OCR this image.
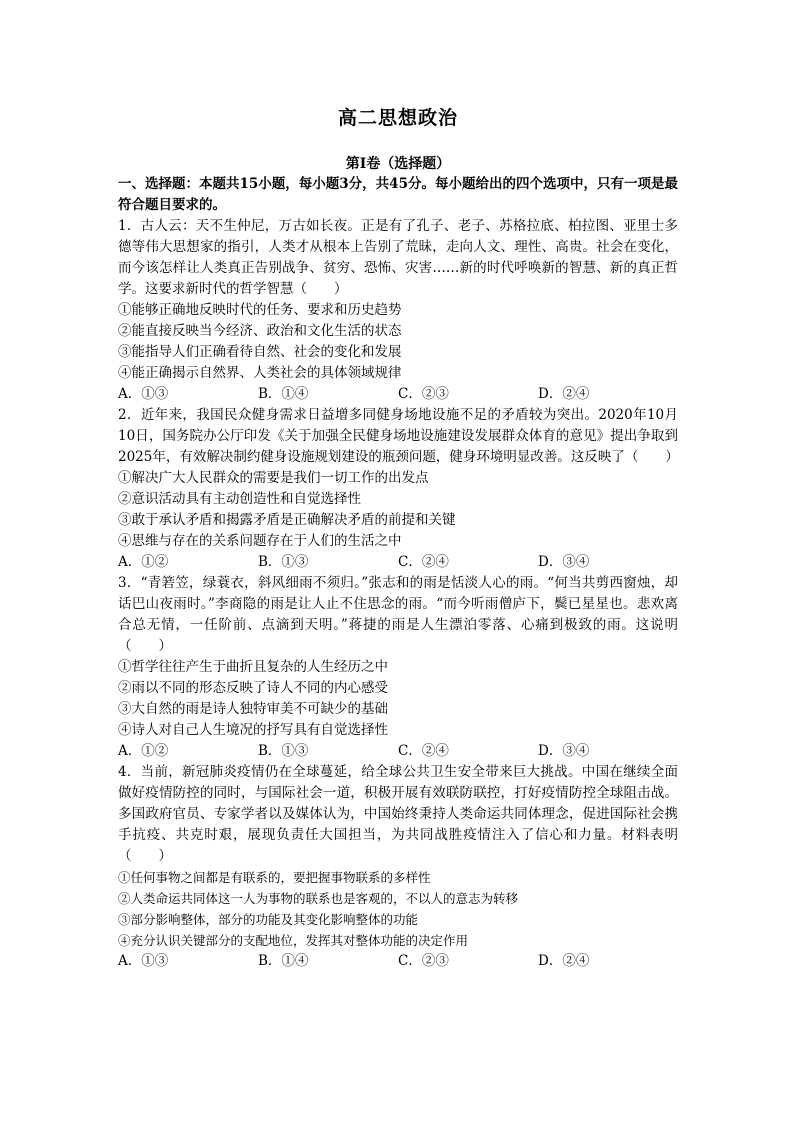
高二思想政治

第Ⅰ卷（选择题）

一、选择题：本题共15小题，每小题3分，共45分。每小题给出的四个选项中，只有一项是最符合题目要求的。

1．古人云：天不生仲尼，万古如长夜。正是有了孔子、老子、苏格拉底、柏拉图、亚里士多德等伟大思想家的指引，人类才从根本上告别了荒昧，走向人文、理性、高贵。社会在变化，而今该怎样让人类真正告别战争、贫穷、恐怖、灾害……新的时代呼唤新的智慧、新的真正哲学。这要求新时代的哲学智慧（　　）

①能够正确地反映时代的任务、要求和历史趋势

②能直接反映当今经济、政治和文化生活的状态

③能指导人们正确看待自然、社会的变化和发展

④能正确揭示自然界、人类社会的具体领域规律

A．①③	B．①④	C．②③	D．②④

2．近年来，我国民众健身需求日益增多同健身场地设施不足的矛盾较为突出。2020年10月10日，国务院办公厅印发《关于加强全民健身场地设施建设发展群众体育的意见》提出争取到2025年，有效解决制约健身设施规划建设的瓶颈问题，健身环境明显改善。这反映了（　　）

①解决广大人民群众的需要是我们一切工作的出发点

②意识活动具有主动创造性和自觉选择性

③敢于承认矛盾和揭露矛盾是正确解决矛盾的前提和关键

④思维与存在的关系问题存在于人们的生活之中

A．①②	B．①③	C．②④	D．③④

3．“青箬笠，绿蓑衣，斜风细雨不须归。”张志和的雨是恬淡人心的雨。“何当共剪西窗烛，却话巴山夜雨时。”李商隐的雨是让人止不住思念的雨。“而今听雨僧庐下，鬓已星星也。悲欢离合总无情，一任阶前、点滴到天明。”蒋捷的雨是人生漂泊零落、心痛到极致的雨。这说明（　　）

①哲学往往产生于曲折且复杂的人生经历之中

②雨以不同的形态反映了诗人不同的内心感受

③大自然的雨是诗人独特审美不可缺少的基础

④诗人对自己人生境况的抒写具有自觉选择性

A．①②	B．①③	C．②④	D．③④

4．当前，新冠肺炎疫情仍在全球蔓延，给全球公共卫生安全带来巨大挑战。中国在继续全面做好疫情防控的同时，与国际社会一道，积极开展有效联防联控，打好疫情防控全球阻击战。多国政府官员、专家学者以及媒体认为，中国始终秉持人类命运共同体理念，促进国际社会携手抗疫、共克时艰，展现负责任大国担当，为共同战胜疫情注入了信心和力量。材料表明（　　）

①任何事物之间都是有联系的，要把握事物联系的多样性

②人类命运共同体这一人为事物的联系也是客观的，不以人的意志为转移

③部分影响整体，部分的功能及其变化影响整体的功能

④充分认识关键部分的支配地位，发挥其对整体功能的决定作用

A．①③	B．①④	C．②③	D．②④
